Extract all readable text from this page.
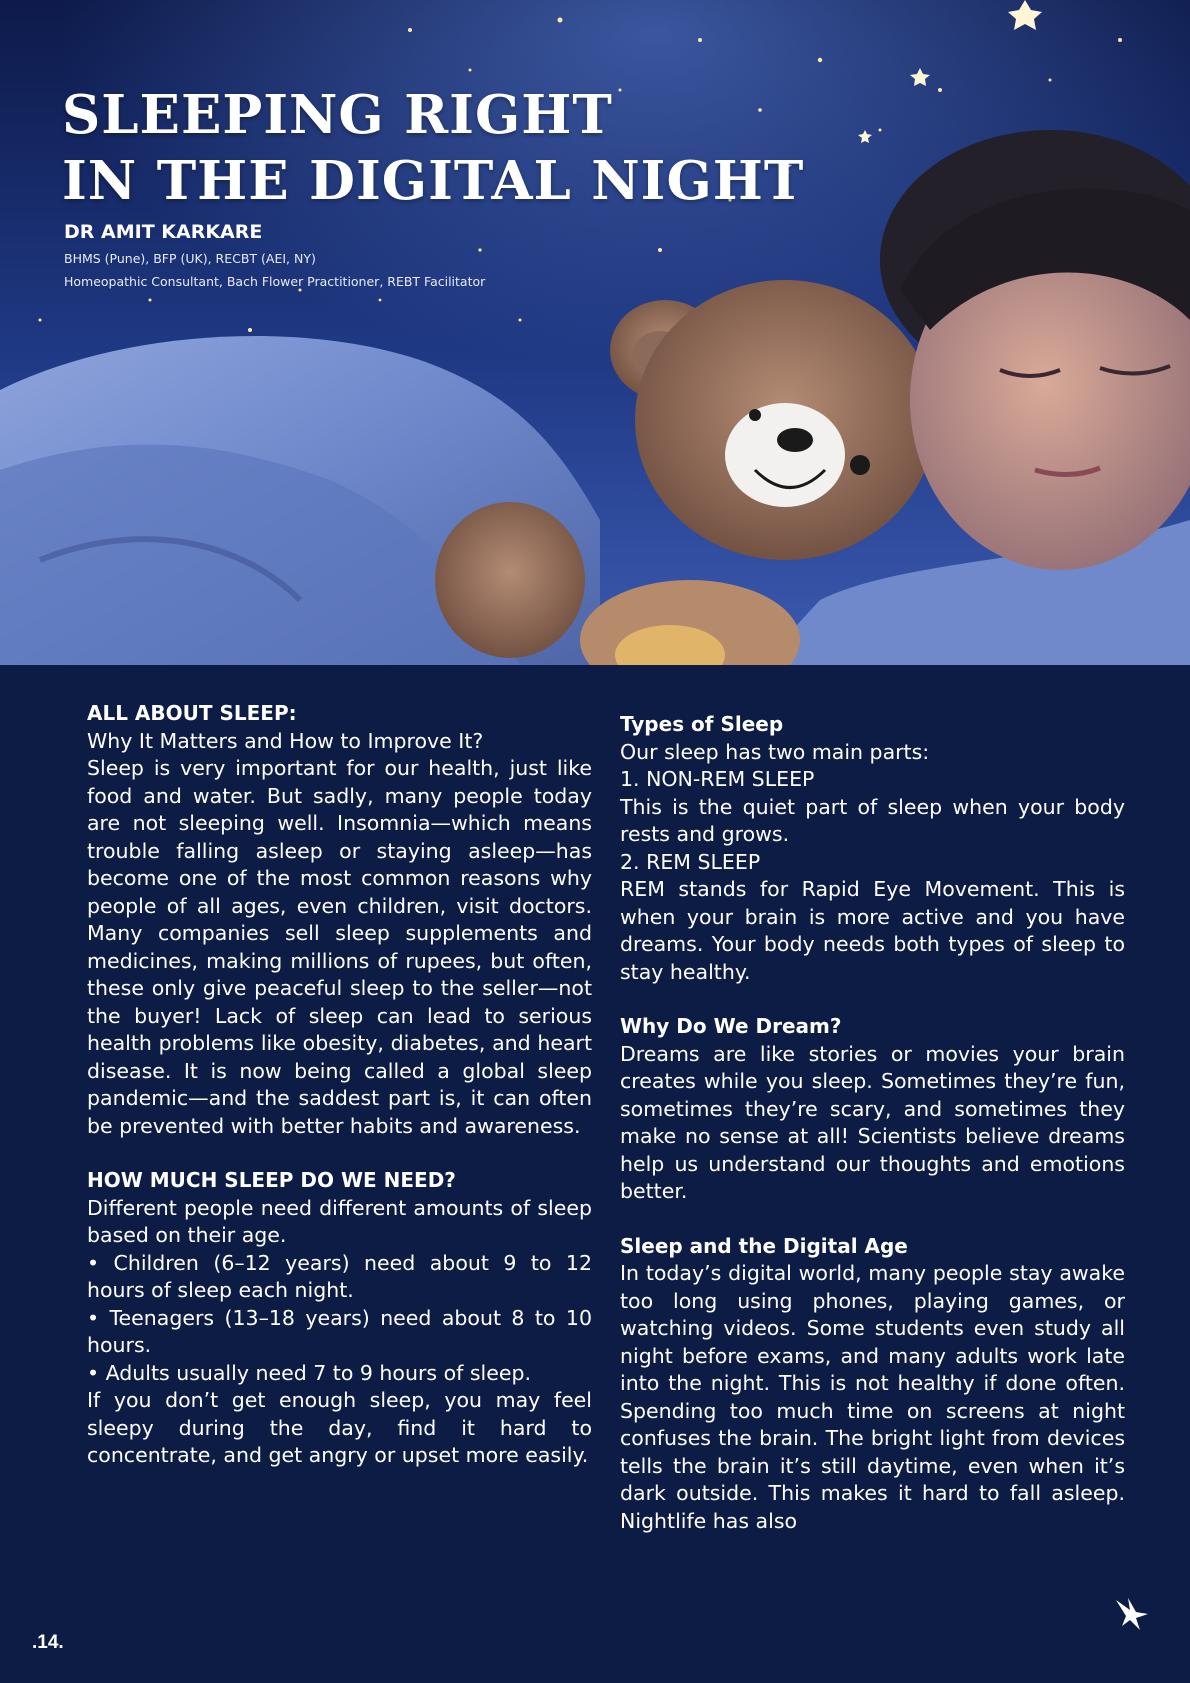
SLEEPING RIGHT
IN THE DIGITAL NIGHT
DR AMIT KARKARE
BHMS (Pune), BFP (UK), RECBT (AEI, NY)
Homeopathic Consultant, Bach Flower Practitioner, REBT Facilitator

ALL ABOUT SLEEP:

Why It Matters and How to Improve It?

Sleep is very important for our health, just like food and water. But sadly, many people today are not sleeping well. Insomnia—which means trouble falling asleep or staying asleep—has become one of the most common reasons why people of all ages, even children, visit doctors. Many companies sell sleep supplements and medicines, making millions of rupees, but often, these only give peaceful sleep to the seller—not the buyer! Lack of sleep can lead to serious health problems like obesity, diabetes, and heart disease. It is now being called a global sleep pandemic—and the saddest part is, it can often be prevented with better habits and awareness.

HOW MUCH SLEEP DO WE NEED?

Different people need different amounts of sleep based on their age.

• Children (6–12 years) need about 9 to 12 hours of sleep each night.

• Teenagers (13–18 years) need about 8 to 10 hours.

• Adults usually need 7 to 9 hours of sleep.

If you don’t get enough sleep, you may feel sleepy during the day, find it hard to concentrate, and get angry or upset more easily.

Types of Sleep

Our sleep has two main parts:

1. NON-REM SLEEP

This is the quiet part of sleep when your body rests and grows.

2. REM SLEEP

REM stands for Rapid Eye Movement. This is when your brain is more active and you have dreams. Your body needs both types of sleep to stay healthy.

Why Do We Dream?

Dreams are like stories or movies your brain creates while you sleep. Sometimes they’re fun, sometimes they’re scary, and sometimes they make no sense at all! Scientists believe dreams help us understand our thoughts and emotions better.

Sleep and the Digital Age

In today’s digital world, many people stay awake too long using phones, playing games, or watching videos. Some students even study all night before exams, and many adults work late into the night. This is not healthy if done often. Spending too much time on screens at night confuses the brain. The bright light from devices tells the brain it’s still daytime, even when it’s dark outside. This makes it hard to fall asleep. Nightlife has also

.14.
